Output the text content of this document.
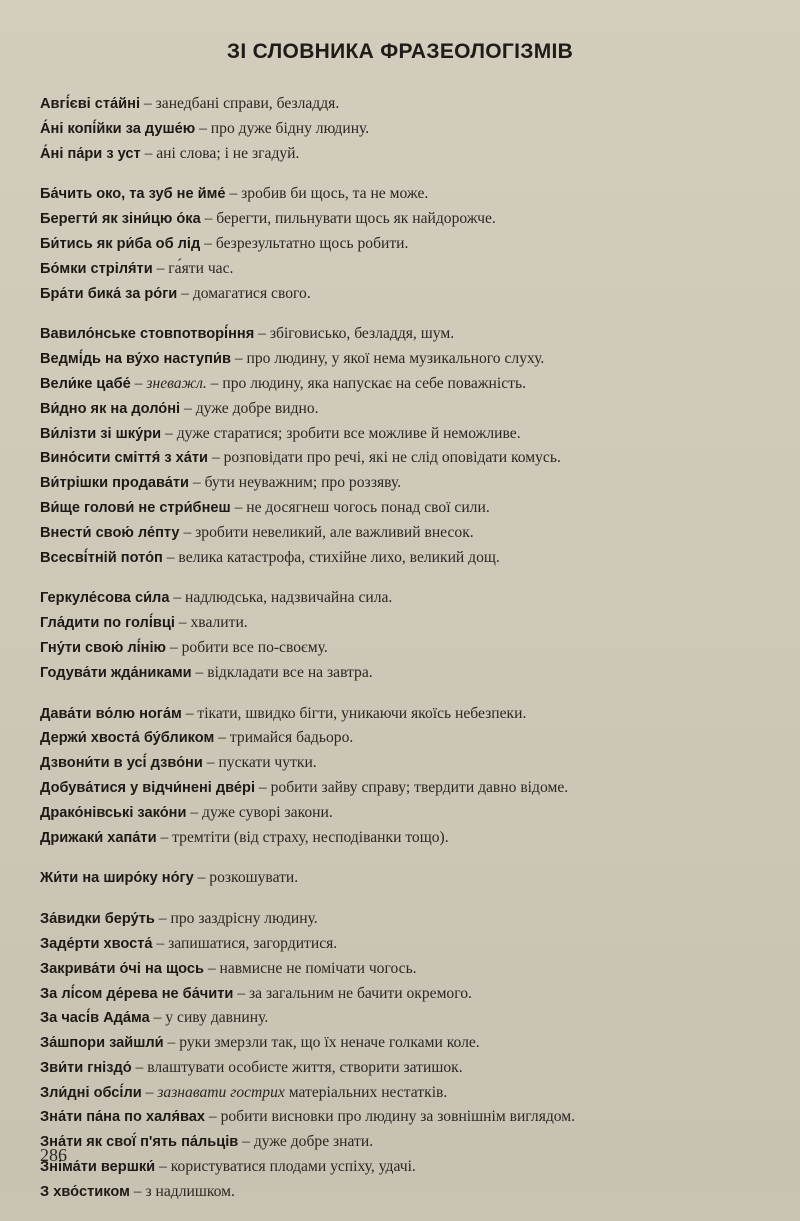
ЗІ СЛОВНИКА ФРАЗЕОЛОГІЗМІВ
Авгі́єві ста́йні – занедбані справи, безладдя.
А́ні копі́йки за душе́ю – про дуже бідну людину.
А́ні па́ри з уст – ані слова; і не згадуй.
Ба́чить око, та зуб не йме́ – зробив би щось, та не може.
Берегти́ як зіни́цю о́ка – берегти, пильнувати щось як найдорожче.
Би́тись як ри́ба об лід – безрезультатно щось робити.
Бо́мки стріля́ти – га́яти час.
Бра́ти бика́ за ро́ги – домагатися свого.
Вавило́нське стовпотворі́ння – збіговисько, безладдя, шум.
Ведмі́дь на ву́хо наступи́в – про людину, у якої нема музикального слуху.
Вели́ке цабе́ – зневажл. – про людину, яка напускає на себе поважність.
Ви́дно як на доло́ні – дуже добре видно.
Ви́лізти зі шку́ри – дуже старатися; зробити все можливе й неможливе.
Вино́сити сміття́ з ха́ти – розповідати про речі, які не слід оповідати комусь.
Ви́трішки продава́ти – бути неуважним; про роззяву.
Ви́ще голови́ не стри́бнеш – не досягнеш чогось понад свої сили.
Внести́ свою́ ле́пту – зробити невеликий, але важливий внесок.
Всесві́тній пото́п – велика катастрофа, стихійне лихо, великий дощ.
Геркуле́сова си́ла – надлюдська, надзвичайна сила.
Гла́дити по голі́вці – хвалити.
Гну́ти свою́ лі́нію – робити все по-своєму.
Годува́ти жда́никами – відкладати все на завтра.
Дава́ти во́лю нога́м – тікати, швидко бігти, уникаючи якоїсь небезпеки.
Держи́ хвоста́ бу́бликом – тримайся бадьоро.
Дзвони́ти в усі́ дзво́ни – пускати чутки.
Добува́тися у відчи́нені две́рі – робити зайву справу; твердити давно відоме.
Драко́нівські зако́ни – дуже суворі закони.
Дрижаки́ хапа́ти – тремтіти (від страху, несподіванки тощо).
Жи́ти на широ́ку но́гу – розкошувати.
За́видки беру́ть – про заздрісну людину.
Заде́рти хвоста́ – запишатися, загордитися.
Закрива́ти о́чі на щось – навмисне не помічати чогось.
За лі́сом де́рева не ба́чити – за загальним не бачити окремого.
За часі́в Ада́ма – у сиву давнину.
За́шпори зайшли́ – руки змерзли так, що їх неначе голками коле.
Зви́ти гніздо́ – влаштувати особисте життя, створити затишок.
Зли́дні обсі́ли – зазнавати гострих матеріальних нестатків.
Зна́ти па́на по халя́вах – робити висновки про людину за зовнішнім виглядом.
Зна́ти як свої́ п'ять па́льців – дуже добре знати.
Зніма́ти вершки́ – користуватися плодами успіху, удачі.
З хво́стиком – з надлишком.
286
